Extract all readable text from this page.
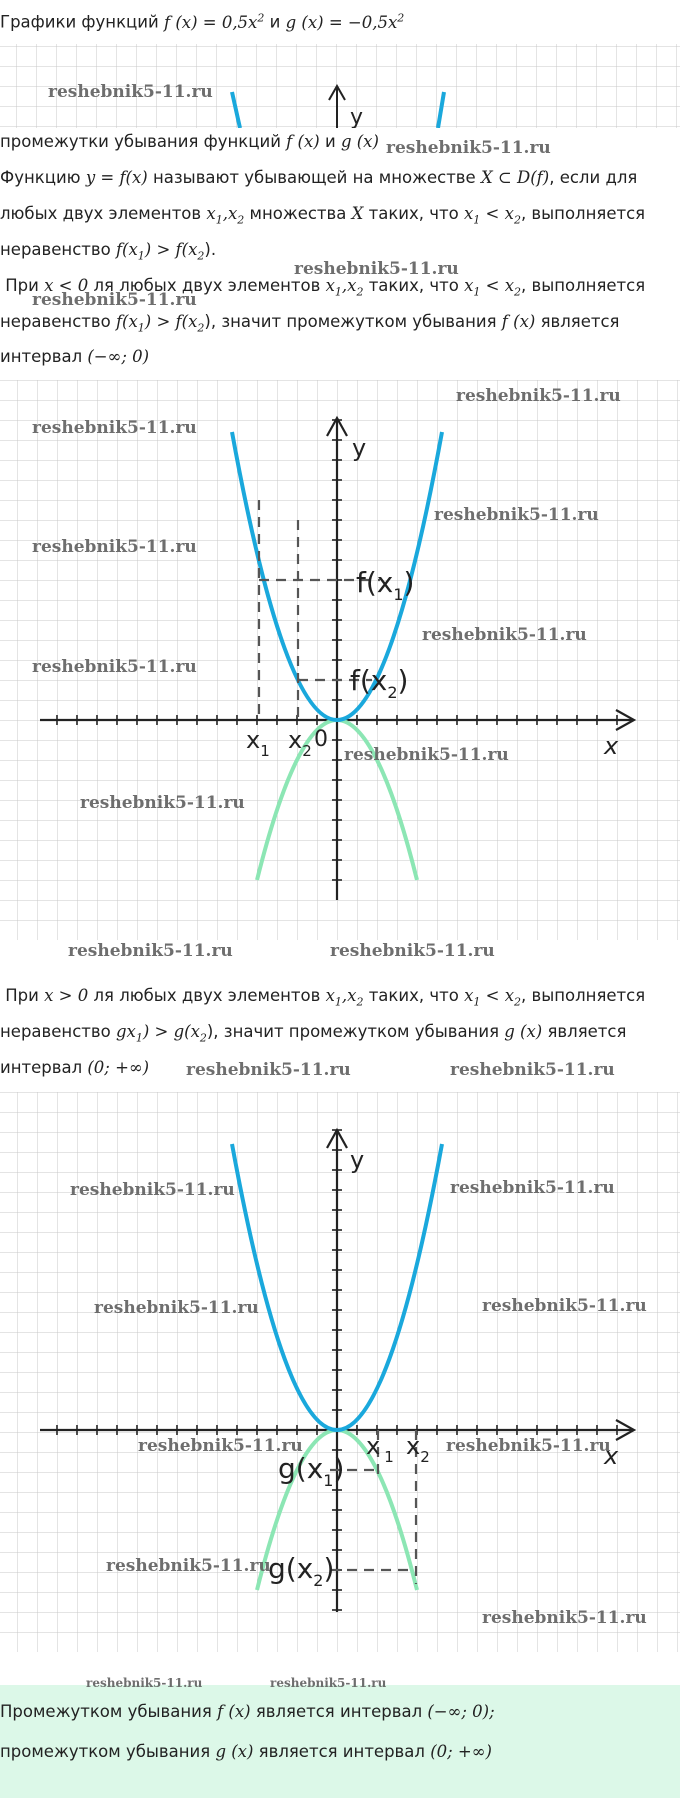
Графики функций f $(x) = 0,5x^2$ и g $(x) = -0,5x^2$
y
reshebnik5-11.ru
промежутки убывания функций f (x) и g (x) reshebnik5-11.ru
Функцию y = f(x) называют убывающей на множестве X ⊂ D(f), если для
любых двух элементов $x_1,x_2$ множества X таких, что $x_1 < x_2$, выполняется
неравенство $f(x_1) > f(x_2)$.
reshebnik5-11.ru
При x < 0 ля любых двух элементов $x_1,x_2$ таких, что $x_1 < x_2$, выполняется
reshebnik5-11.ru
неравенство $f(x_1) > f(x_2)$, значит промежутком убывания f (x) является
интервал (−∞; 0)
y
x
$x_1$ $x_2$ 0
$f(x_1)$
$f(x_2)$
reshebnik5-11.ru
reshebnik5-11.ru
reshebnik5-11.ru
reshebnik5-11.ru
reshebnik5-11.ru
reshebnik5-11.ru
reshebnik5-11.ru
reshebnik5-11.ru
reshebnik5-11.ru	reshebnik5-11.ru
При x > 0 ля любых двух элементов $x_1,x_2$ таких, что $x_1 < x_2$, выполняется
неравенство $gx_1) > g(x_2)$, значит промежутком убывания g (x) является
интервал (0; +∞)	reshebnik5-11.ru	reshebnik5-11.ru
y
x
x $_1$ $x_2$
$g(x_1)$
$g(x_2)$
reshebnik5-11.ru	reshebnik5-11.ru
reshebnik5-11.ru	reshebnik5-11.ru
reshebnik5-11.ru	reshebnik5-11.ru
reshebnik5-11.ru
reshebnik5-11.ru
reshebnik5-11.ru	reshebnik5-11.ru
Промежутком убывания f (x) является интервал (−∞; 0);
промежутком убывания g (x) является интервал (0; +∞)
